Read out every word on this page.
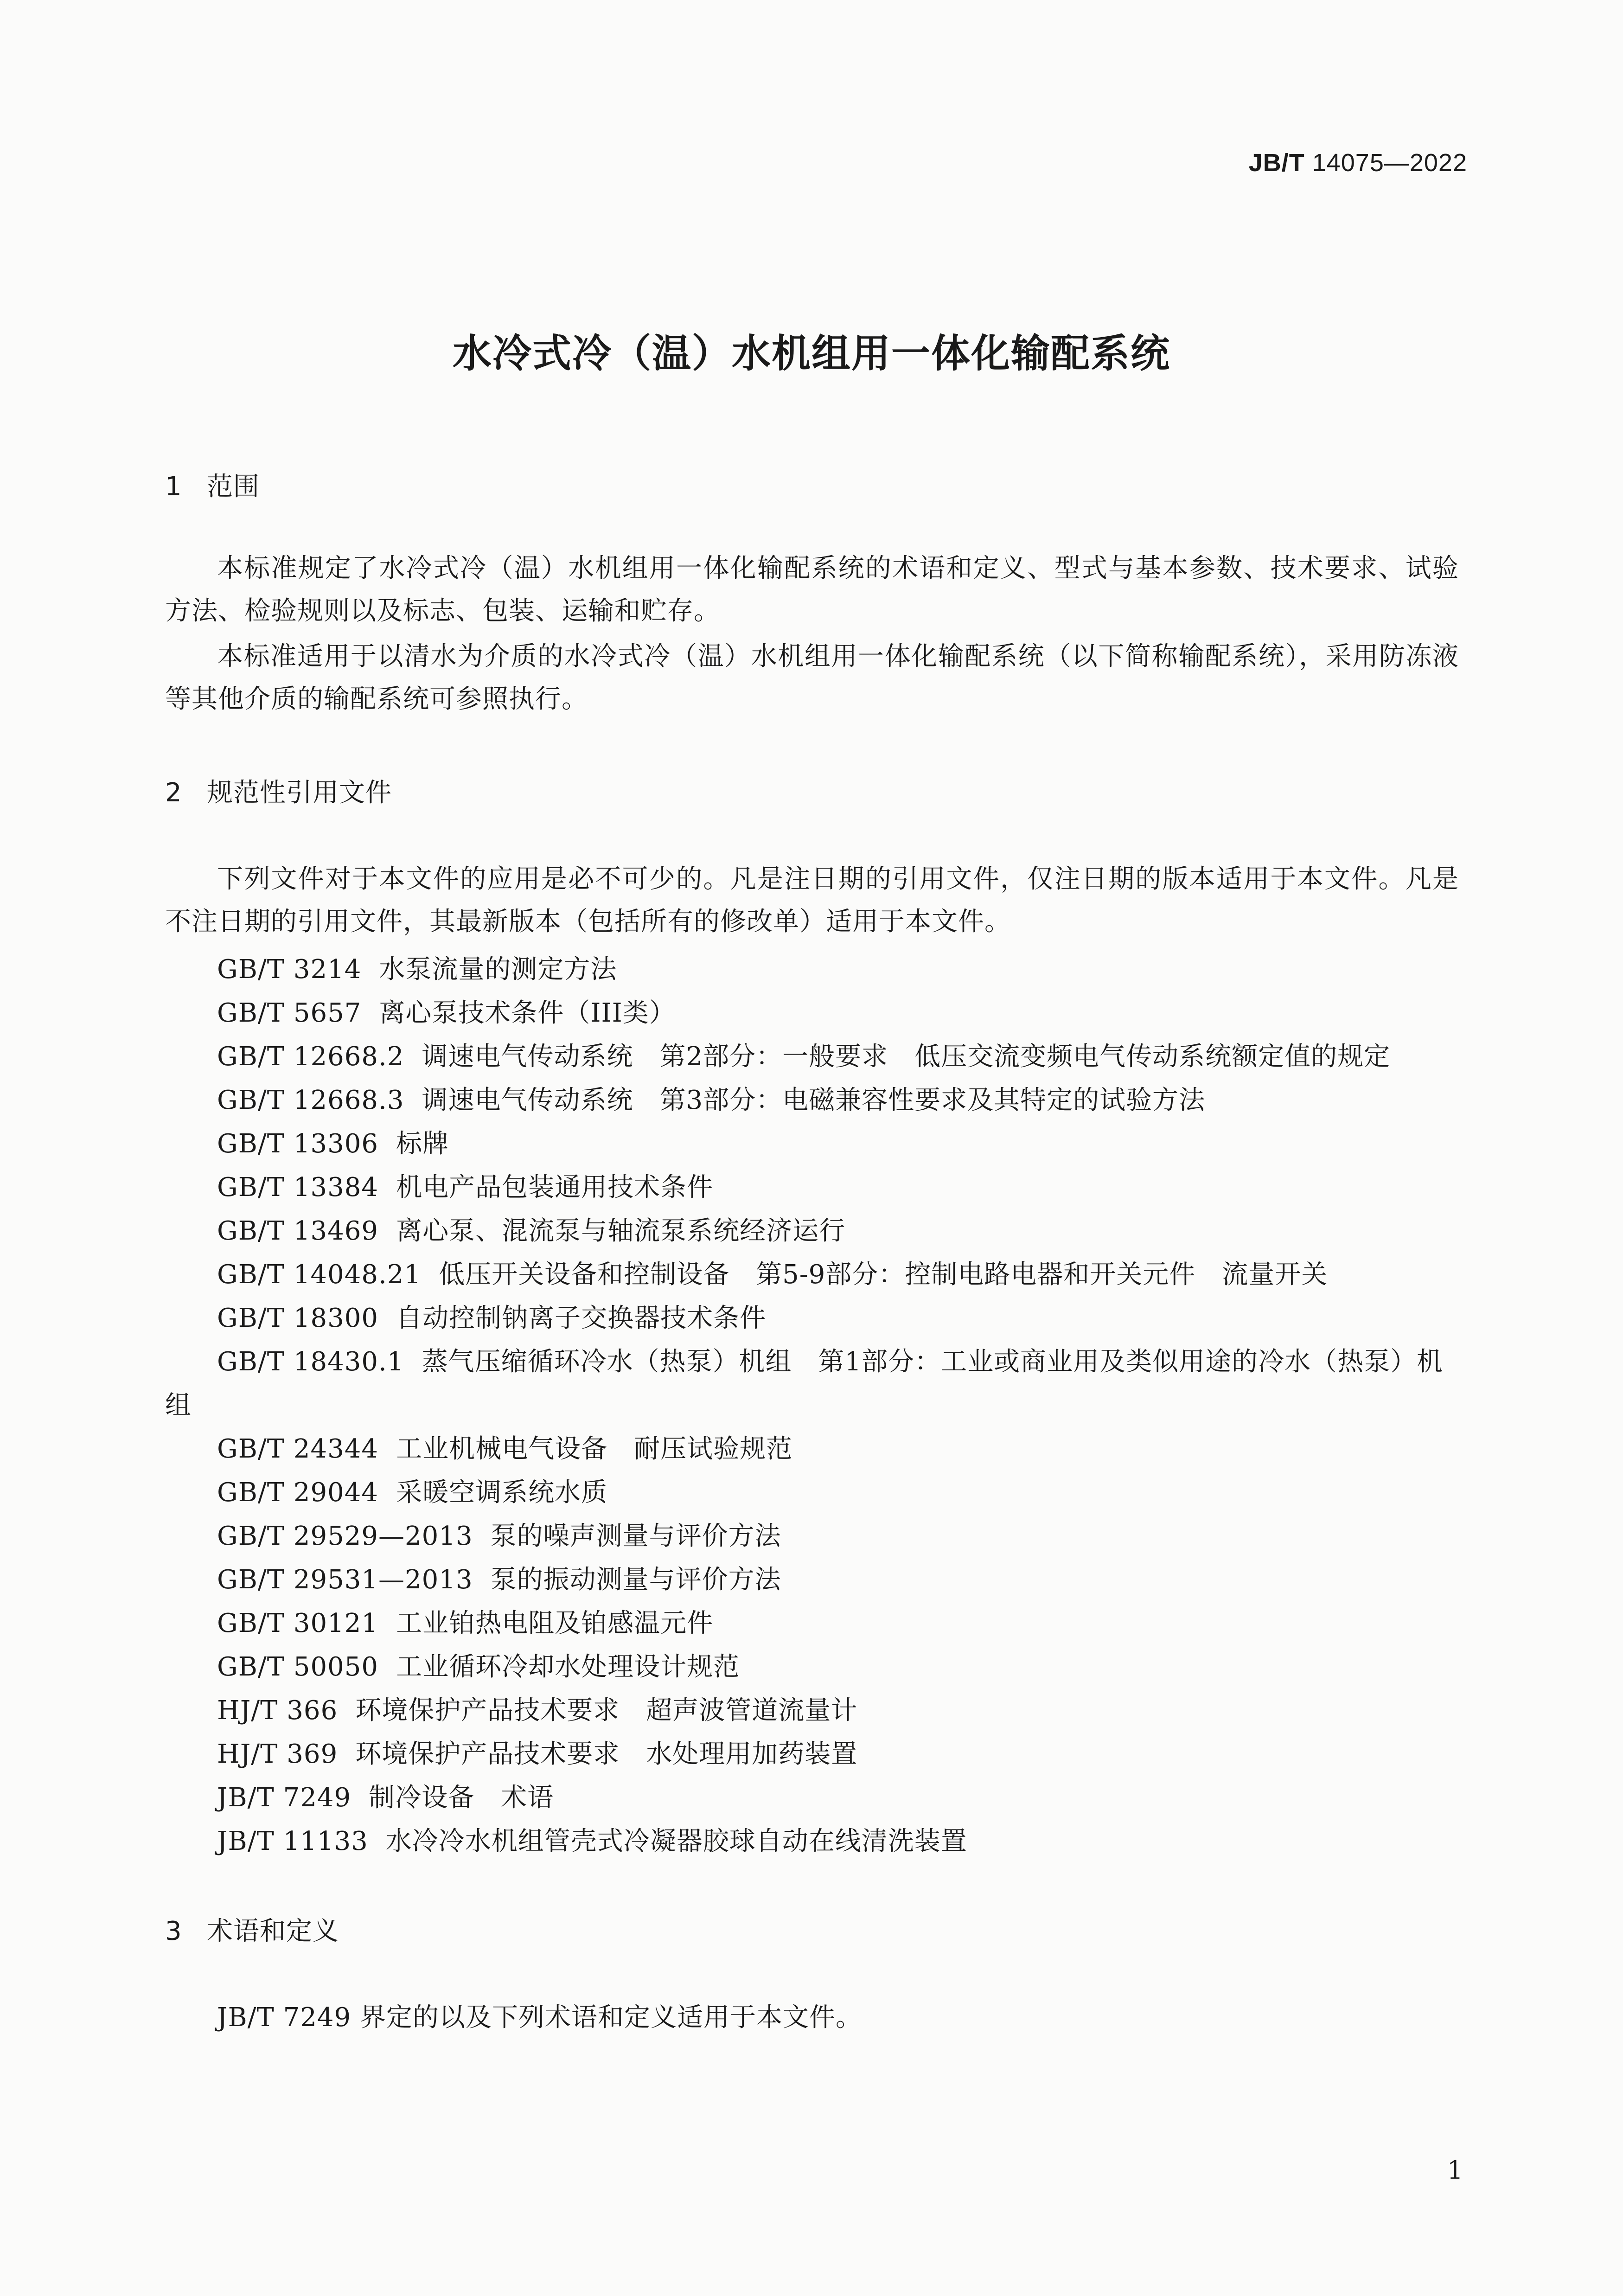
JB/T 14075—2022
水冷式冷（温）水机组用一体化输配系统
1 范围

本标准规定了水冷式冷（温）水机组用一体化输配系统的术语和定义、型式与基本参数、技术要求、试验方法、检验规则以及标志、包装、运输和贮存。

本标准适用于以清水为介质的水冷式冷（温）水机组用一体化输配系统（以下简称输配系统），采用防冻液等其他介质的输配系统可参照执行。

2 规范性引用文件

下列文件对于本文件的应用是必不可少的。凡是注日期的引用文件，仅注日期的版本适用于本文件。凡是不注日期的引用文件，其最新版本（包括所有的修改单）适用于本文件。

GB/T 3214 水泵流量的测定方法
GB/T 5657 离心泵技术条件（III类）
GB/T 12668.2 调速电气传动系统　第2部分：一般要求　低压交流变频电气传动系统额定值的规定
GB/T 12668.3 调速电气传动系统　第3部分：电磁兼容性要求及其特定的试验方法
GB/T 13306 标牌
GB/T 13384 机电产品包装通用技术条件
GB/T 13469 离心泵、混流泵与轴流泵系统经济运行
GB/T 14048.21 低压开关设备和控制设备　第5-9部分：控制电路电器和开关元件　流量开关
GB/T 18300 自动控制钠离子交换器技术条件
GB/T 18430.1 蒸气压缩循环冷水（热泵）机组　第1部分：工业或商业用及类似用途的冷水（热泵）机组
GB/T 24344 工业机械电气设备　耐压试验规范
GB/T 29044 采暖空调系统水质
GB/T 29529—2013 泵的噪声测量与评价方法
GB/T 29531—2013 泵的振动测量与评价方法
GB/T 30121 工业铂热电阻及铂感温元件
GB/T 50050 工业循环冷却水处理设计规范
HJ/T 366 环境保护产品技术要求　超声波管道流量计
HJ/T 369 环境保护产品技术要求　水处理用加药装置
JB/T 7249 制冷设备　术语
JB/T 11133 水冷冷水机组管壳式冷凝器胶球自动在线清洗装置
3 术语和定义

JB/T 7249 界定的以及下列术语和定义适用于本文件。

1
